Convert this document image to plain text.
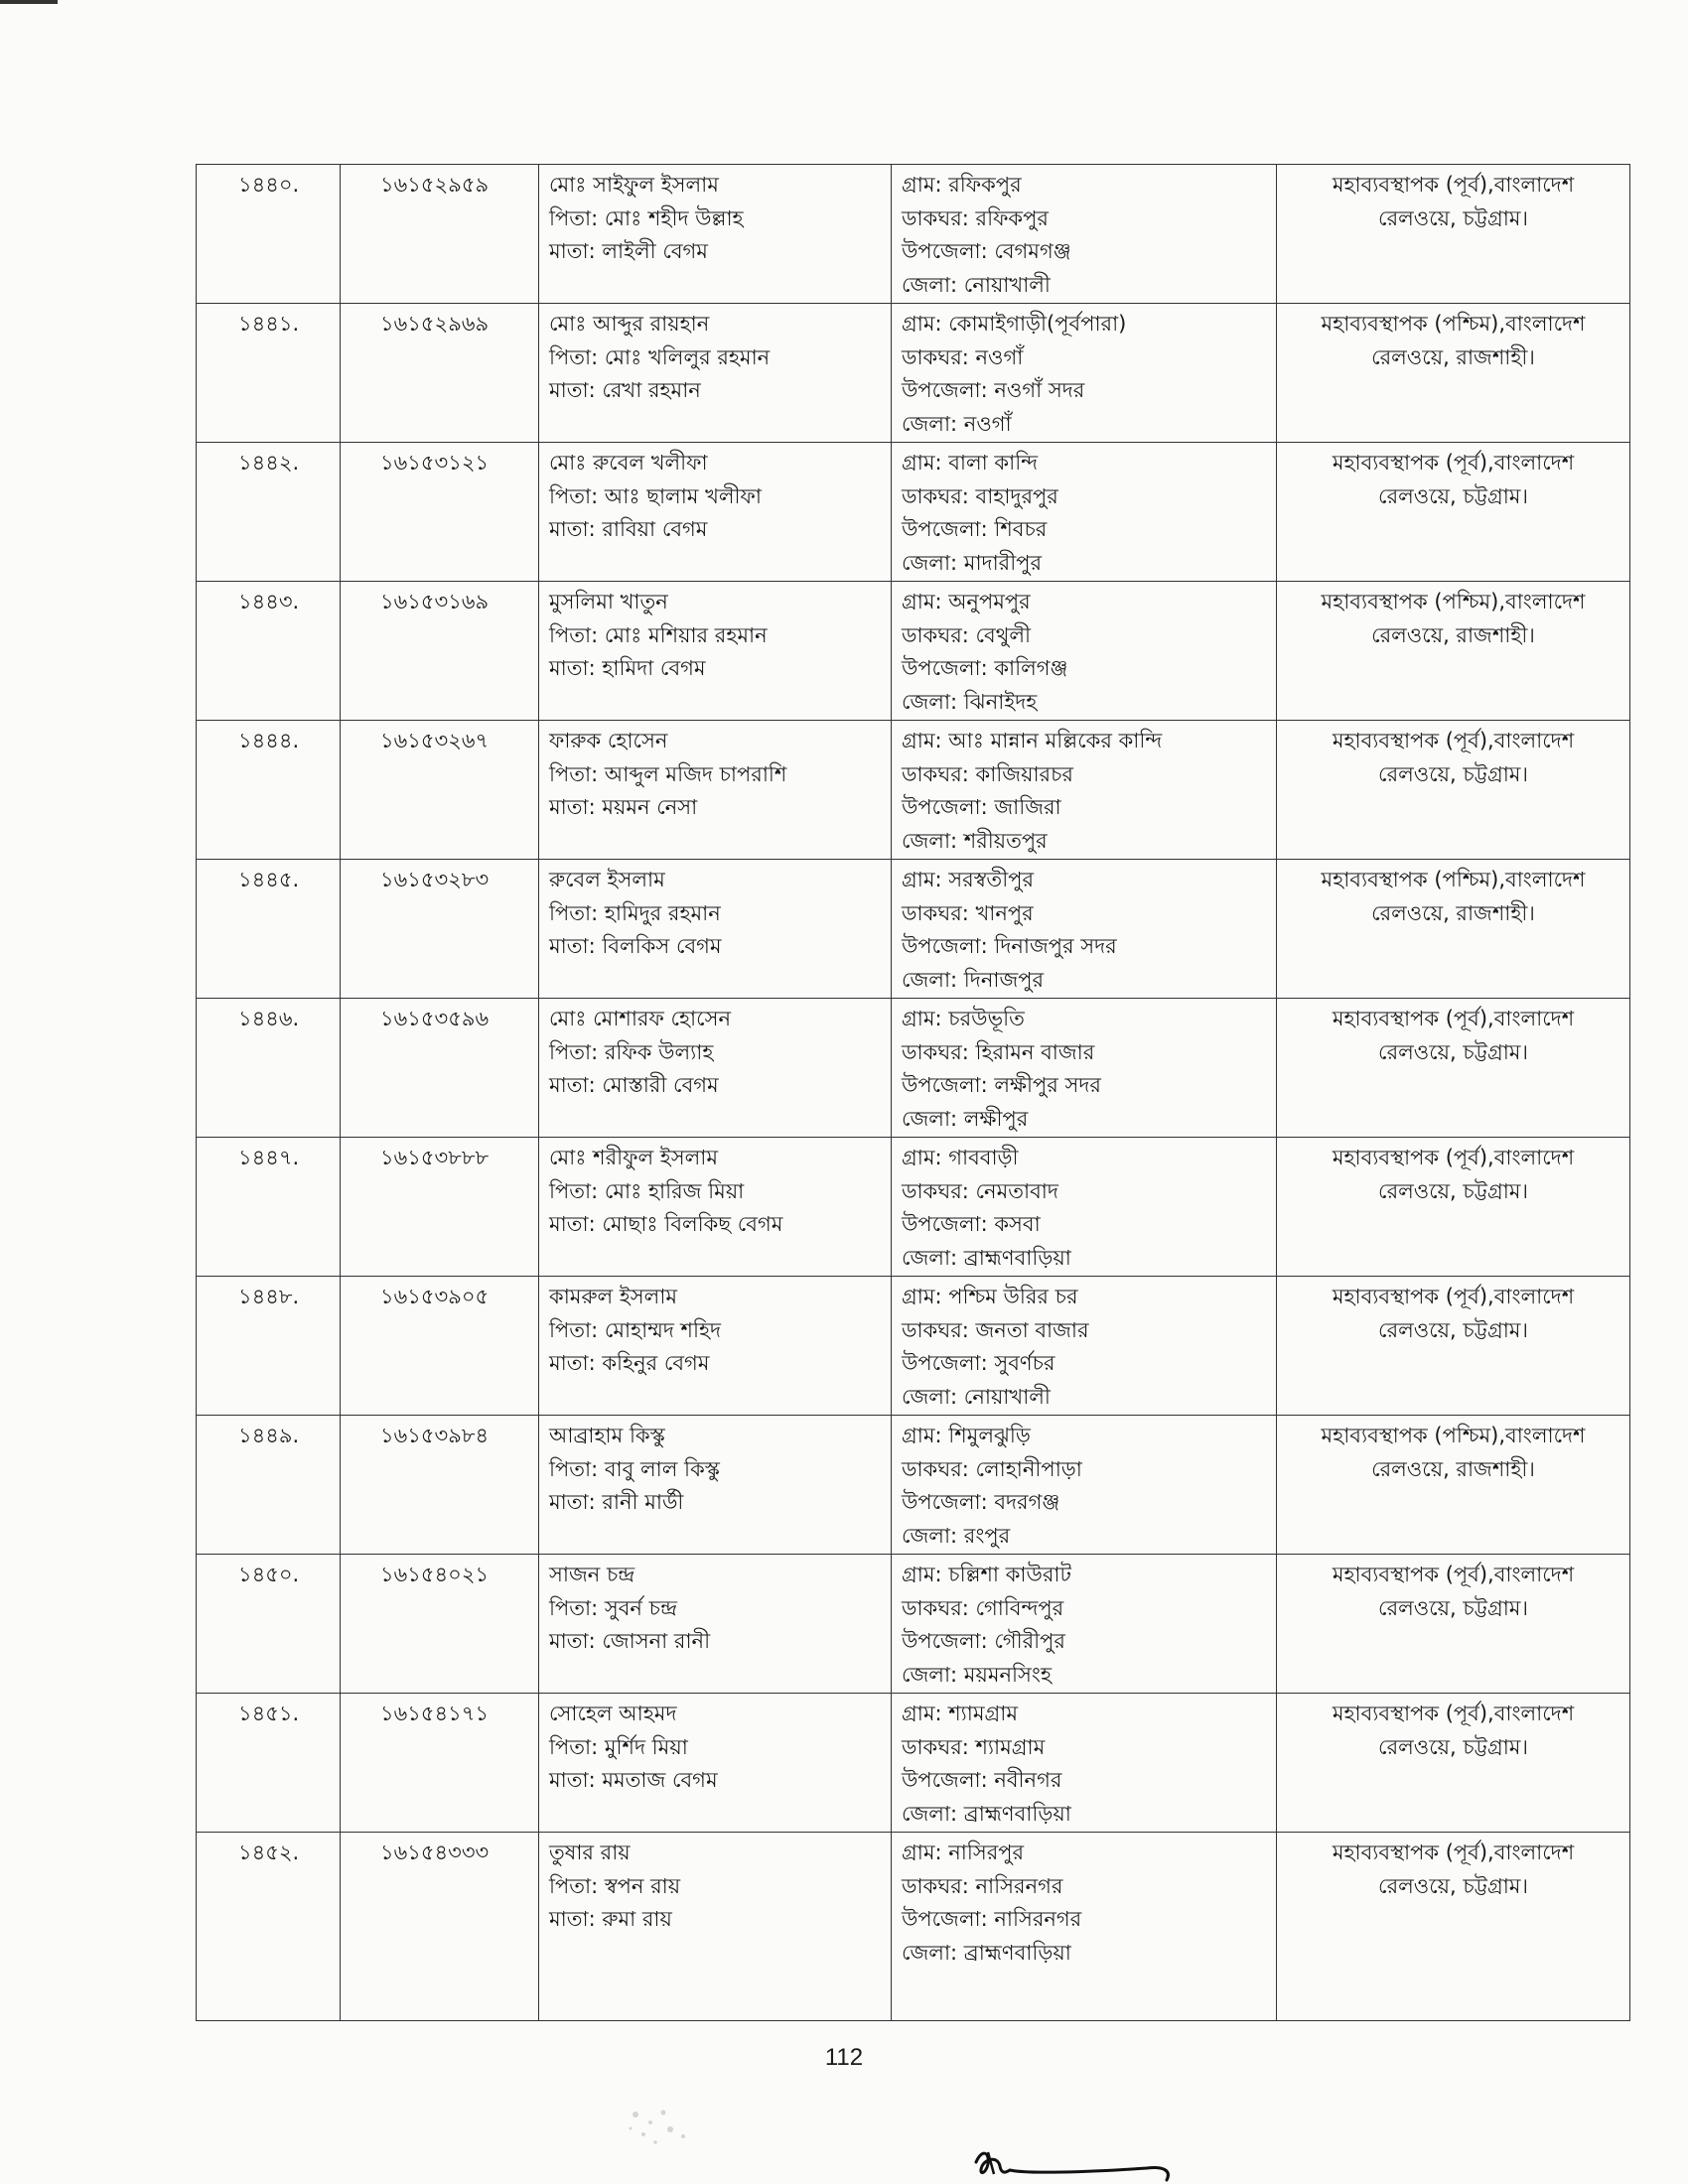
১৪৪০.	১৬১৫২৯৫৯	মোঃ সাইফুল ইসলাম
পিতা: মোঃ শহীদ উল্লাহ
মাতা: লাইলী বেগম	গ্রাম: রফিকপুর
ডাকঘর: রফিকপুর
উপজেলা: বেগমগঞ্জ
জেলা: নোয়াখালী	মহাব্যবস্থাপক (পূর্ব),বাংলাদেশ
রেলওয়ে, চট্টগ্রাম।

১৪৪১.	১৬১৫২৯৬৯	মোঃ আব্দুর রায়হান
পিতা: মোঃ খলিলুর রহমান
মাতা: রেখা রহমান	গ্রাম: কোমাইগাড়ী(পূর্বপারা)
ডাকঘর: নওগাঁ
উপজেলা: নওগাঁ সদর
জেলা: নওগাঁ	মহাব্যবস্থাপক (পশ্চিম),বাংলাদেশ
রেলওয়ে, রাজশাহী।

১৪৪২.	১৬১৫৩১২১	মোঃ রুবেল খলীফা
পিতা: আঃ ছালাম খলীফা
মাতা: রাবিয়া বেগম	গ্রাম: বালা কান্দি
ডাকঘর: বাহাদুরপুর
উপজেলা: শিবচর
জেলা: মাদারীপুর	মহাব্যবস্থাপক (পূর্ব),বাংলাদেশ
রেলওয়ে, চট্টগ্রাম।

১৪৪৩.	১৬১৫৩১৬৯	মুসলিমা খাতুন
পিতা: মোঃ মশিয়ার রহমান
মাতা: হামিদা বেগম	গ্রাম: অনুপমপুর
ডাকঘর: বেথুলী
উপজেলা: কালিগঞ্জ
জেলা: ঝিনাইদহ	মহাব্যবস্থাপক (পশ্চিম),বাংলাদেশ
রেলওয়ে, রাজশাহী।

১৪৪৪.	১৬১৫৩২৬৭	ফারুক হোসেন
পিতা: আব্দুল মজিদ চাপরাশি
মাতা: ময়মন নেসা	গ্রাম: আঃ মান্নান মল্লিকের কান্দি
ডাকঘর: কাজিয়ারচর
উপজেলা: জাজিরা
জেলা: শরীয়তপুর	মহাব্যবস্থাপক (পূর্ব),বাংলাদেশ
রেলওয়ে, চট্টগ্রাম।

১৪৪৫.	১৬১৫৩২৮৩	রুবেল ইসলাম
পিতা: হামিদুর রহমান
মাতা: বিলকিস বেগম	গ্রাম: সরস্বতীপুর
ডাকঘর: খানপুর
উপজেলা: দিনাজপুর সদর
জেলা: দিনাজপুর	মহাব্যবস্থাপক (পশ্চিম),বাংলাদেশ
রেলওয়ে, রাজশাহী।

১৪৪৬.	১৬১৫৩৫৯৬	মোঃ মোশারফ হোসেন
পিতা: রফিক উল্যাহ
মাতা: মোস্তারী বেগম	গ্রাম: চরউভূতি
ডাকঘর: হিরামন বাজার
উপজেলা: লক্ষীপুর সদর
জেলা: লক্ষীপুর	মহাব্যবস্থাপক (পূর্ব),বাংলাদেশ
রেলওয়ে, চট্টগ্রাম।

১৪৪৭.	১৬১৫৩৮৮৮	মোঃ শরীফুল ইসলাম
পিতা: মোঃ হারিজ মিয়া
মাতা: মোছাঃ বিলকিছ বেগম	গ্রাম: গাববাড়ী
ডাকঘর: নেমতাবাদ
উপজেলা: কসবা
জেলা: ব্রাহ্মণবাড়িয়া	মহাব্যবস্থাপক (পূর্ব),বাংলাদেশ
রেলওয়ে, চট্টগ্রাম।

১৪৪৮.	১৬১৫৩৯০৫	কামরুল ইসলাম
পিতা: মোহাম্মদ শহিদ
মাতা: কহিনুর বেগম	গ্রাম: পশ্চিম উরির চর
ডাকঘর: জনতা বাজার
উপজেলা: সুবর্ণচর
জেলা: নোয়াখালী	মহাব্যবস্থাপক (পূর্ব),বাংলাদেশ
রেলওয়ে, চট্টগ্রাম।

১৪৪৯.	১৬১৫৩৯৮৪	আব্রাহাম কিস্কু
পিতা: বাবু লাল কিস্কু
মাতা: রানী মার্ডী	গ্রাম: শিমুলঝুড়ি
ডাকঘর: লোহানীপাড়া
উপজেলা: বদরগঞ্জ
জেলা: রংপুর	মহাব্যবস্থাপক (পশ্চিম),বাংলাদেশ
রেলওয়ে, রাজশাহী।

১৪৫০.	১৬১৫৪০২১	সাজন চন্দ্র
পিতা: সুবর্ন চন্দ্র
মাতা: জোসনা রানী	গ্রাম: চল্লিশা কাউরাট
ডাকঘর: গোবিন্দপুর
উপজেলা: গৌরীপুর
জেলা: ময়মনসিংহ	মহাব্যবস্থাপক (পূর্ব),বাংলাদেশ
রেলওয়ে, চট্টগ্রাম।

১৪৫১.	১৬১৫৪১৭১	সোহেল আহমদ
পিতা: মুর্শিদ মিয়া
মাতা: মমতাজ বেগম	গ্রাম: শ্যামগ্রাম
ডাকঘর: শ্যামগ্রাম
উপজেলা: নবীনগর
জেলা: ব্রাহ্মণবাড়িয়া	মহাব্যবস্থাপক (পূর্ব),বাংলাদেশ
রেলওয়ে, চট্টগ্রাম।

১৪৫২.	১৬১৫৪৩৩৩	তুষার রায়
পিতা: স্বপন রায়
মাতা: রুমা রায়	গ্রাম: নাসিরপুর
ডাকঘর: নাসিরনগর
উপজেলা: নাসিরনগর
জেলা: ব্রাহ্মণবাড়িয়া	মহাব্যবস্থাপক (পূর্ব),বাংলাদেশ
রেলওয়ে, চট্টগ্রাম।
112
